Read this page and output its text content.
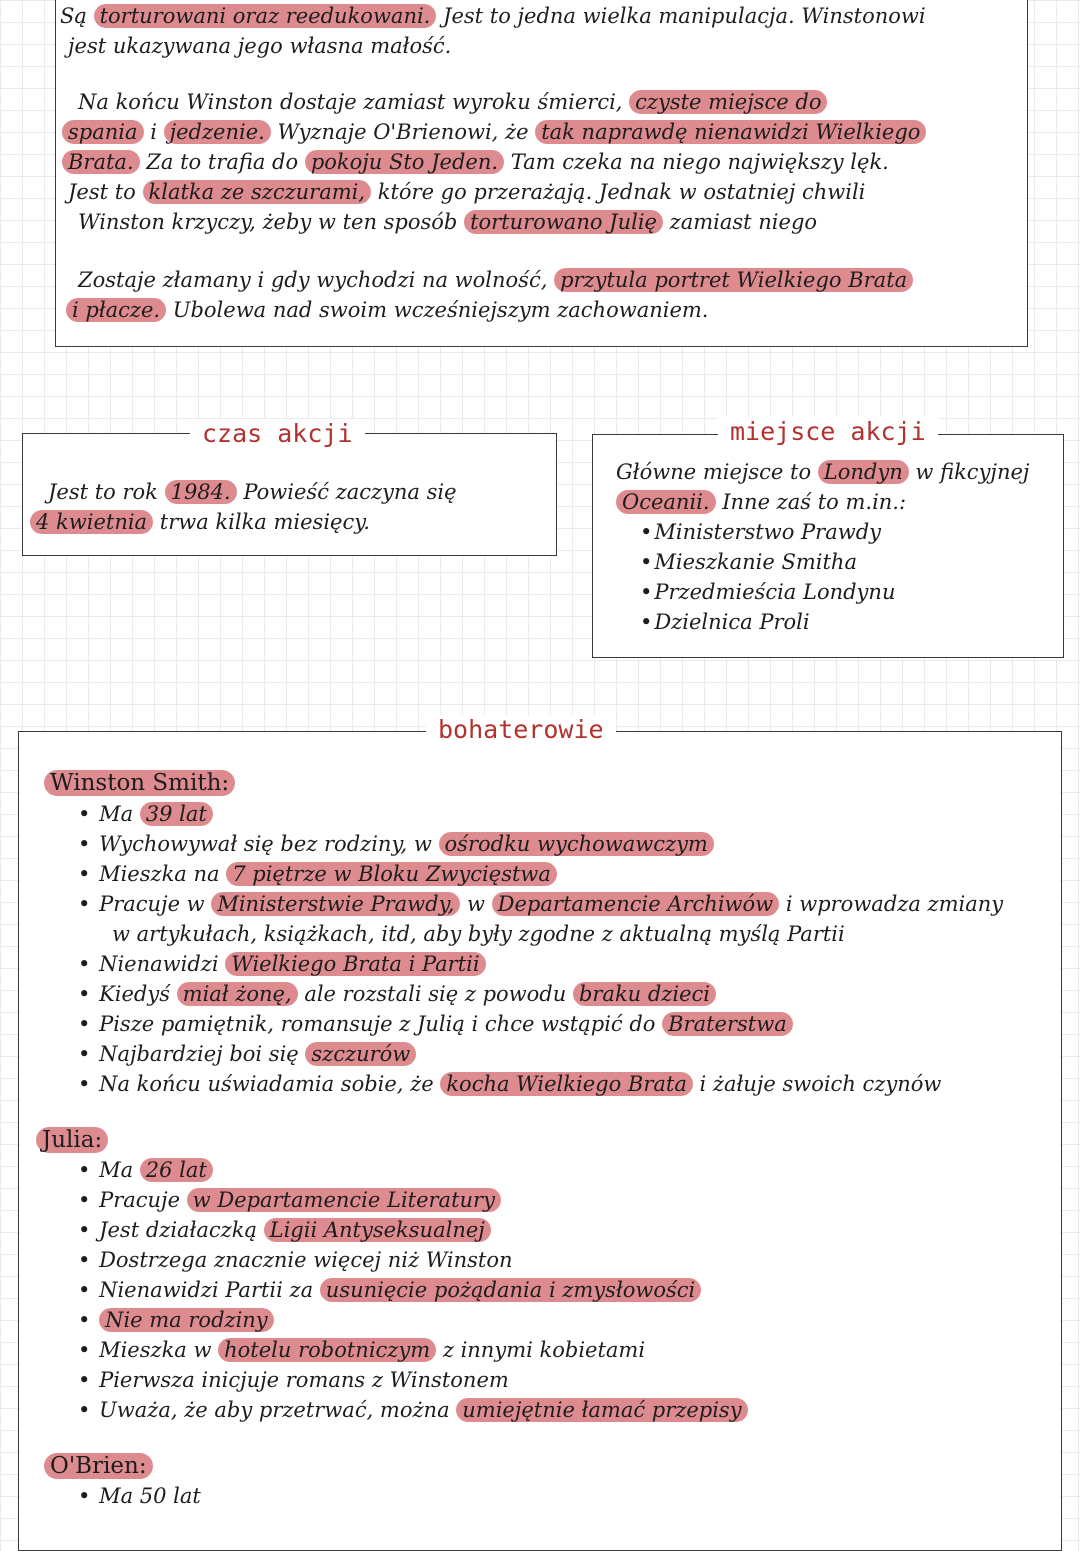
Są torturowani oraz reedukowani. Jest to jedna wielka manipulacja. Winstonowi
jest ukazywana jego własna małość.
Na końcu Winston dostaje zamiast wyroku śmierci, czyste miejsce do
spania i jedzenie. Wyznaje O'Brienowi, że tak naprawdę nienawidzi Wielkiego
Brata. Za to trafia do pokoju Sto Jeden. Tam czeka na niego największy lęk.
Jest to klatka ze szczurami, które go przerażają. Jednak w ostatniej chwili
Winston krzyczy, żeby w ten sposób torturowano Julię zamiast niego
Zostaje złamany i gdy wychodzi na wolność, przytula portret Wielkiego Brata
i płacze. Ubolewa nad swoim wcześniejszym zachowaniem.
czas akcji
Jest to rok 1984. Powieść zaczyna się
4 kwietnia trwa kilka miesięcy.
miejsce akcji
Główne miejsce to Londyn w fikcyjnej
Oceanii. Inne zaś to m.in.:
• Ministerstwo Prawdy
• Mieszkanie Smitha
• Przedmieścia Londynu
• Dzielnica Proli
bohaterowie
Winston Smith:
• Ma 39 lat
• Wychowywał się bez rodziny, w ośrodku wychowawczym
• Mieszka na 7 piętrze w Bloku Zwycięstwa
• Pracuje w Ministerstwie Prawdy, w Departamencie Archiwów i wprowadza zmiany
w artykułach, książkach, itd, aby były zgodne z aktualną myślą Partii
• Nienawidzi Wielkiego Brata i Partii
• Kiedyś miał żonę, ale rozstali się z powodu braku dzieci
• Pisze pamiętnik, romansuje z Julią i chce wstąpić do Braterstwa
• Najbardziej boi się szczurów
• Na końcu uświadamia sobie, że kocha Wielkiego Brata i żałuje swoich czynów
Julia:
• Ma 26 lat
• Pracuje w Departamencie Literatury
• Jest działaczką Ligii Antyseksualnej
• Dostrzega znacznie więcej niż Winston
• Nienawidzi Partii za usunięcie pożądania i zmysłowości
• Nie ma rodziny
• Mieszka w hotelu robotniczym z innymi kobietami
• Pierwsza inicjuje romans z Winstonem
• Uważa, że aby przetrwać, można umiejętnie łamać przepisy
O'Brien:
• Ma 50 lat
